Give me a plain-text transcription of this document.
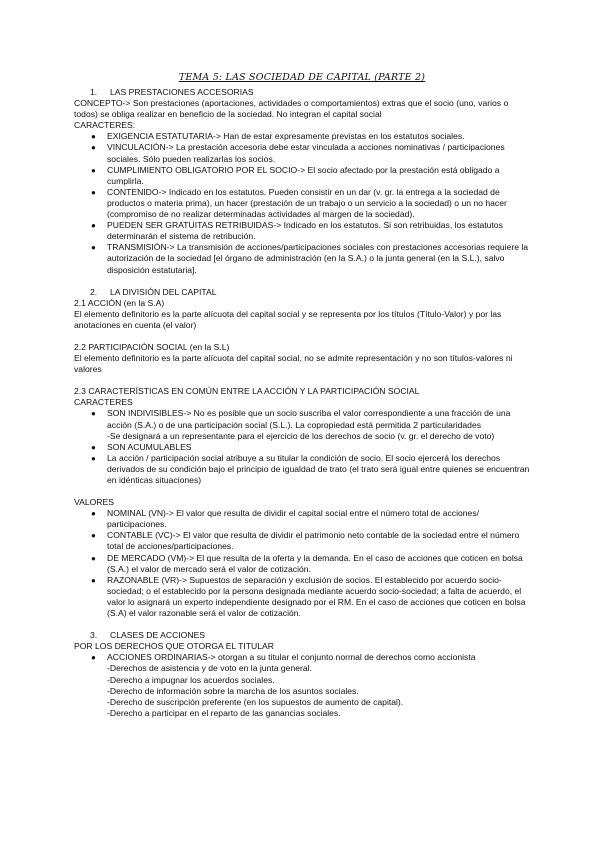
TEMA 5: LAS SOCIEDAD DE CAPITAL (PARTE 2)
1.	LAS PRESTACIONES ACCESORIAS

CONCEPTO-> Son prestaciones (aportaciones, actividades o comportamientos) extras que el socio (uno, varios o todos) se obliga realizar en beneficio de la sociedad. No integran el capital social

CARACTERES:

● EXIGENCIA ESTATUTARIA-> Han de estar expresamente previstas en los estatutos sociales.
● VINCULACIÓN-> La prestación accesoria debe estar vinculada a acciones nominativas / participaciones sociales. Sólo pueden realizarlas los socios.
● CUMPLIMIENTO OBLIGATORIO POR EL SOCIO-> El socio afectado por la prestación está obligado a cumplirla.
● CONTENIDO-> Indicado en los estatutos. Pueden consistir en un dar (v. gr. la entrega a la sociedad de productos o materia prima), un hacer (prestación de un trabajo o un servicio a la sociedad) o un no hacer (compromiso de no realizar determinadas actividades al margen de la sociedad).
● PUEDEN SER GRATUITAS RETRIBUIDAS-> Indicado en los estatutos. Si son retribuidas, los estatutos determinarán el sistema de retribución.
● TRANSMISIÓN-> La transmisión de acciones/participaciones sociales con prestaciones accesorias requiere la autorización de la sociedad [el órgano de administración (en la S.A.) o la junta general (en la S.L.), salvo disposición estatutaria].
2.	LA DIVISIÓN DEL CAPITAL

2.1 ACCIÓN (en la S.A)

El elemento definitorio es la parte alícuota del capital social y se representa por los títulos (Título-Valor) y por las anotaciones en cuenta (el valor)

2.2 PARTICIPACIÓN SOCIAL (en la S.L)

El elemento definitorio es la parte alícuota del capital social, no se admite representación y no son títulos-valores ni valores

2.3 CARACTERÍSTICAS EN COMÚN ENTRE LA ACCIÓN Y LA PARTICIPACIÓN SOCIAL

CARACTERES

● SON INDIVISIBLES-> No es posible que un socio suscriba el valor correspondiente a una fracción de una acción (S.A.) o de una participación social (S.L.). La copropiedad está permitida 2 particularidades
-Se designará a un representante para el ejercicio de los derechos de socio (v. gr. el derecho de voto)
● SON ACUMULABLES
● La acción / participación social atribuye a su titular la condición de socio. El socio ejercerá los derechos derivados de su condición bajo el principio de igualdad de trato (el trato será igual entre quienes se encuentran en idénticas situaciones)

VALORES

● NOMINAL (VN)-> El valor que resulta de dividir el capital social entre el número total de acciones/ participaciones.
● CONTABLE (VC)-> El valor que resulta de dividir el patrimonio neto contable de la sociedad entre el número total de acciones/participaciones.
● DE MERCADO (VM)-> El que resulta de la oferta y la demanda. En el caso de acciones que coticen en bolsa (S.A.) el valor de mercado será el valor de cotización.
● RAZONABLE (VR)-> Supuestos de separación y exclusión de socios. El establecido por acuerdo socio-sociedad; o el establecido por la persona designada mediante acuerdo socio-sociedad; a falta de acuerdo, el valor lo asignará un experto independiente designado por el RM. En el caso de acciones que coticen en bolsa (S.A) el valor razonable será el valor de cotización.
3.	CLASES DE ACCIONES

POR LOS DERECHOS QUE OTORGA EL TITULAR

● ACCIONES ORDINARIAS-> otorgan a su titular el conjunto normal de derechos como accionista

-Derechos de asistencia y de voto en la junta general.

-Derecho a impugnar los acuerdos sociales.

-Derecho de información sobre la marcha de los asuntos sociales.

-Derecho de suscripción preferente (en los supuestos de aumento de capital).

-Derecho a participar en el reparto de las ganancias sociales.
